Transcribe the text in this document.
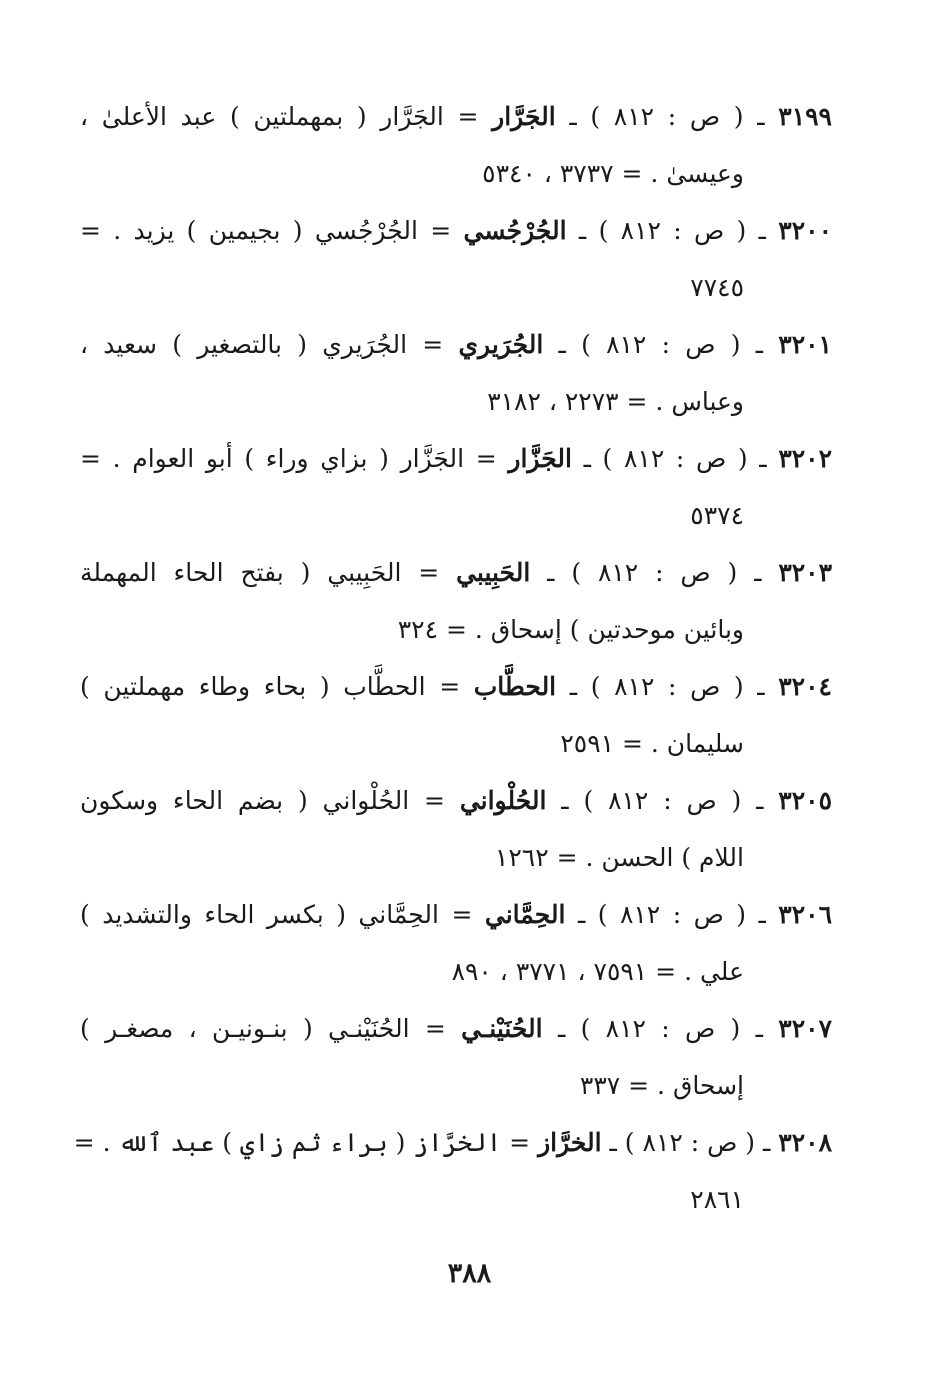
٣١٩٩ ـ ( ص : ٨١٢ ) ـ الجَرَّار = الجَرَّار ( بمهملتين ) عبد الأعلىٰ ،
وعيسىٰ . = ٣٧٣٧ ، ٥٣٤٠
٣٢٠٠ ـ ( ص : ٨١٢ ) ـ الجُرْجُسي = الجُرْجُسي ( بجيمين ) يزيد . =
٧٧٤٥
٣٢٠١ ـ ( ص : ٨١٢ ) ـ الجُرَيري = الجُرَيري ( بالتصغير ) سعيد ،
وعباس . = ٢٢٧٣ ، ٣١٨٢
٣٢٠٢ ـ ( ص : ٨١٢ ) ـ الجَزَّار = الجَزَّار ( بزاي وراء ) أبو العوام . =
٥٣٧٤
٣٢٠٣ ـ ( ص : ٨١٢ ) ـ الحَبِيبي = الحَبِيبي ( بفتح الحاء المهملة
وبائين موحدتين ) إسحاق . = ٣٢٤
٣٢٠٤ ـ ( ص : ٨١٢ ) ـ الحطَّاب = الحطَّاب ( بحاء وطاء مهملتين )
سليمان . = ٢٥٩١
٣٢٠٥ ـ ( ص : ٨١٢ ) ـ الحُلْواني = الحُلْواني ( بضم الحاء وسكون
اللام ) الحسن . = ١٢٦٢
٣٢٠٦ ـ ( ص : ٨١٢ ) ـ الحِمَّاني = الحِمَّاني ( بكسر الحاء والتشديد )
علي . = ٧٥٩١ ، ٣٧٧١ ، ٨٩٠
٣٢٠٧ ـ ( ص : ٨١٢ ) ـ الحُنَيْنـي = الحُنَيْنـي ( بنـونيـن ، مصغـر )
إسحاق . = ٣٣٧
٣٢٠٨ ـ ( ص : ٨١٢ ) ـ الخرَّاز = الخرَّاز ( براء ثم زاي ) عبد ٱلله . =
٢٨٦١
٣٨٨
